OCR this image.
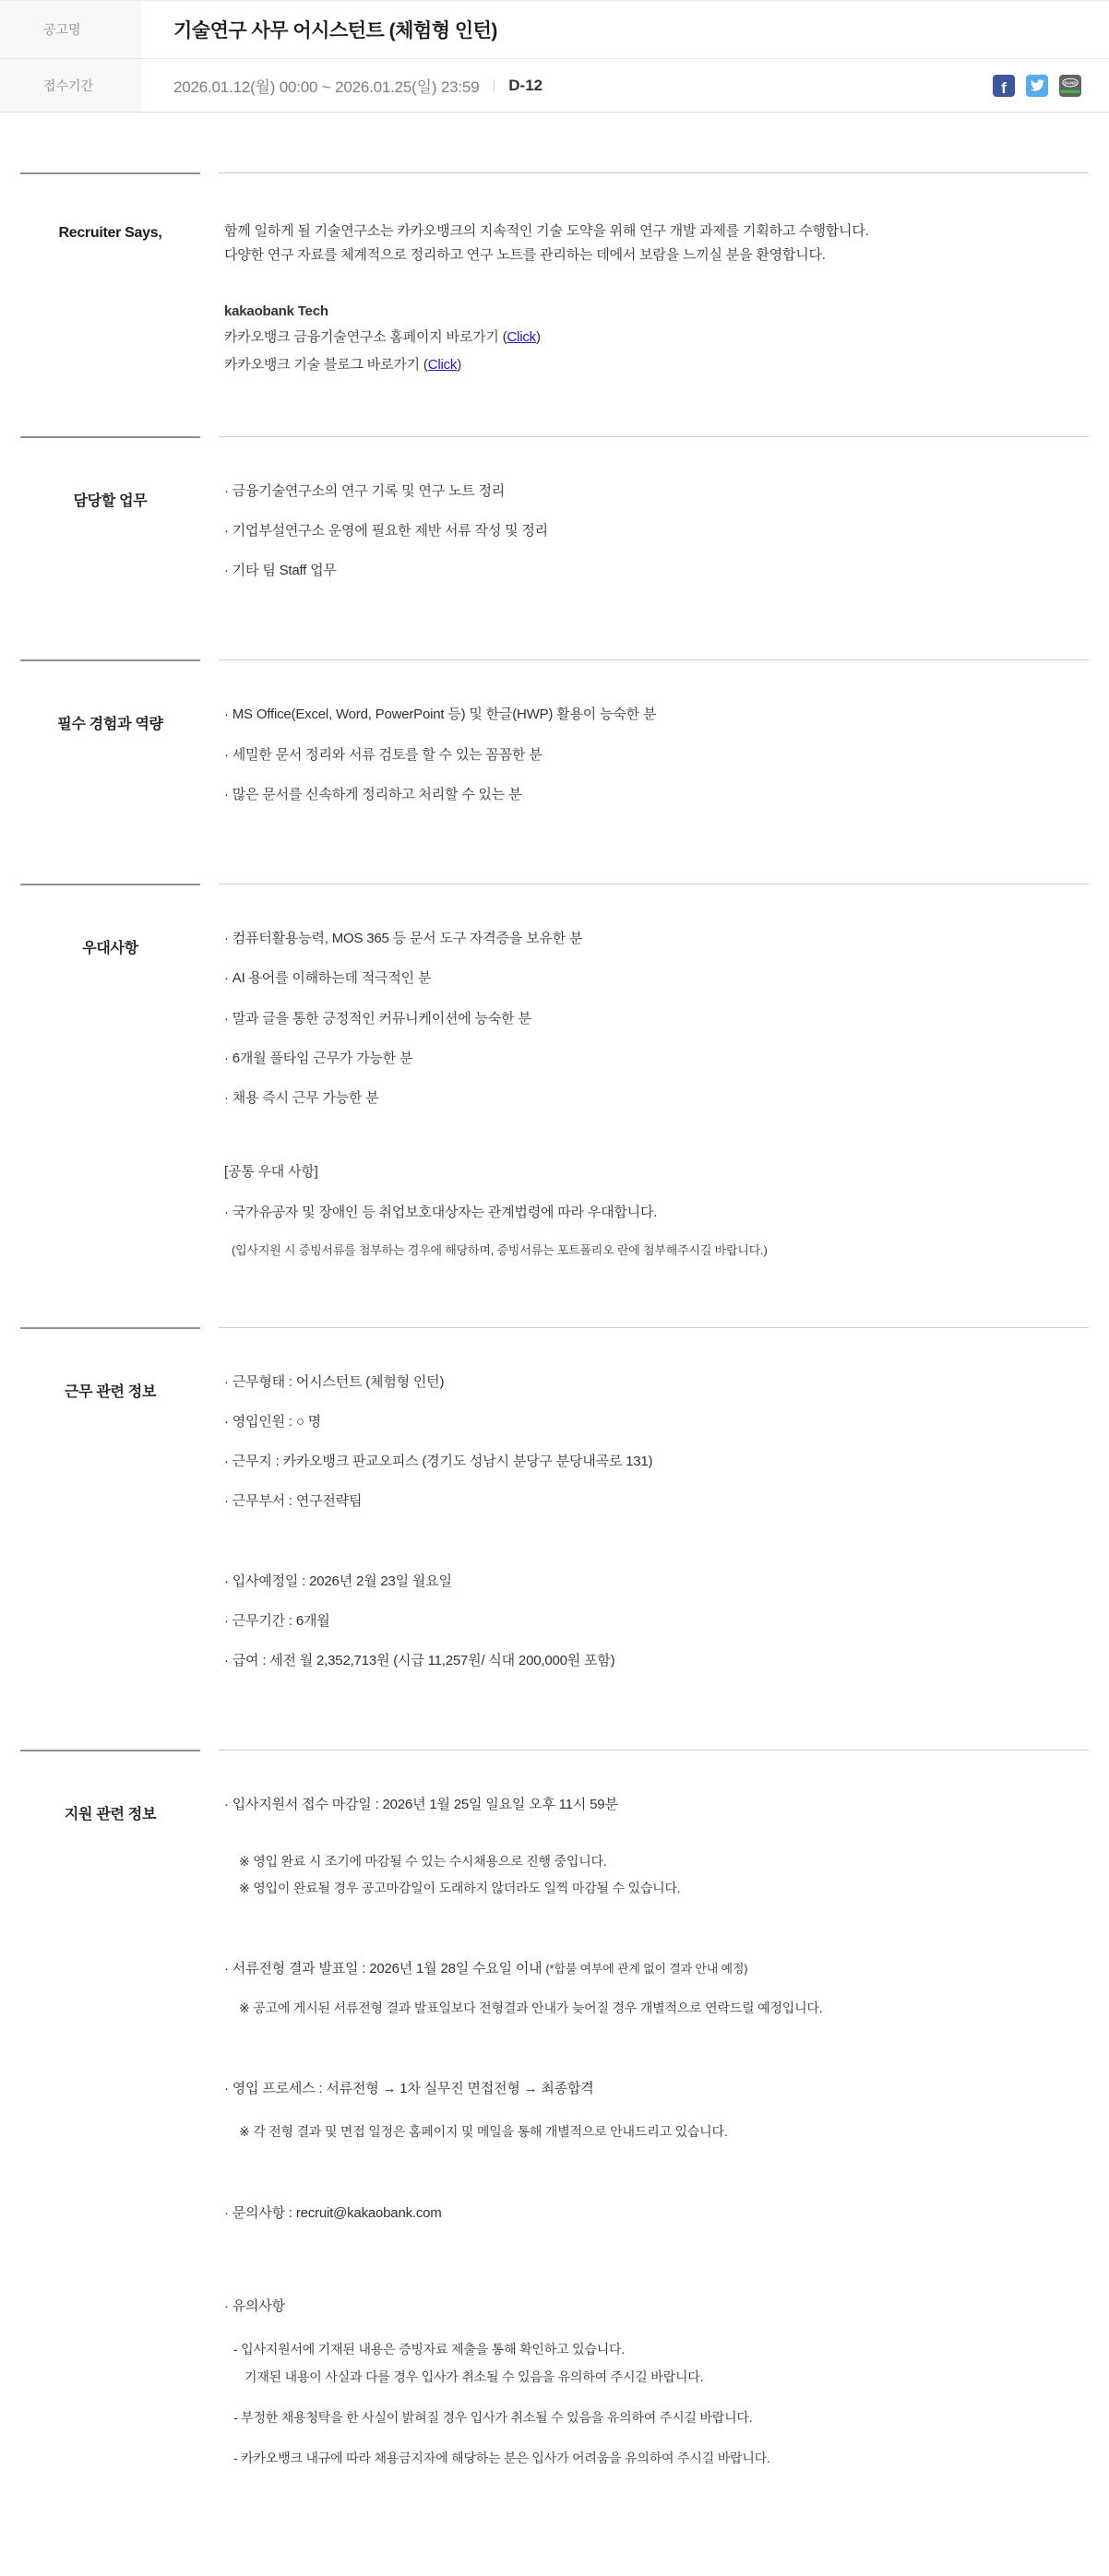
공고명	기술연구 사무 어시스턴트 (체험형 인턴)
접수기간	2026.01.12(월) 00:00 ~ 2026.01.25(일) 23:59 | D-12	f	BAND
Recruiter Says,	함께 일하게 될 기술연구소는 카카오뱅크의 지속적인 기술 도약을 위해 연구 개발 과제를 기획하고 수행합니다.
다양한 연구 자료를 체계적으로 정리하고 연구 노트를 관리하는 데에서 보람을 느끼실 분을 환영합니다.
kakaobank Tech
카카오뱅크 금융기술연구소 홈페이지 바로가기 (Click)
카카오뱅크 기술 블로그 바로가기 (Click)
담당할 업무
· 금융기술연구소의 연구 기록 및 연구 노트 정리
· 기업부설연구소 운영에 필요한 제반 서류 작성 및 정리
· 기타 팀 Staff 업무
필수 경험과 역량
· MS Office(Excel, Word, PowerPoint 등) 및 한글(HWP) 활용이 능숙한 분
· 세밀한 문서 정리와 서류 검토를 할 수 있는 꼼꼼한 분
· 많은 문서를 신속하게 정리하고 처리할 수 있는 분
우대사항
· 컴퓨터활용능력, MOS 365 등 문서 도구 자격증을 보유한 분
· AI 용어를 이해하는데 적극적인 분
· 말과 글을 통한 긍정적인 커뮤니케이션에 능숙한 분
· 6개월 풀타임 근무가 가능한 분
· 채용 즉시 근무 가능한 분
[공통 우대 사항]
· 국가유공자 및 장애인 등 취업보호대상자는 관계법령에 따라 우대합니다.
(입사지원 시 증빙서류를 첨부하는 경우에 해당하며, 증빙서류는 포트폴리오 란에 첨부해주시길 바랍니다.)
근무 관련 정보
· 근무형태 : 어시스턴트 (체험형 인턴)
· 영입인원 : ○ 명
· 근무지 : 카카오뱅크 판교오피스 (경기도 성남시 분당구 분당내곡로 131)
· 근무부서 : 연구전략팀
· 입사예정일 : 2026년 2월 23일 월요일
· 근무기간 : 6개월
· 급여 : 세전 월 2,352,713원 (시급 11,257원/ 식대 200,000원 포함)
지원 관련 정보
· 입사지원서 접수 마감일 : 2026년 1월 25일 일요일 오후 11시 59분
※ 영입 완료 시 조기에 마감될 수 있는 수시채용으로 진행 중입니다.
※ 영입이 완료될 경우 공고마감일이 도래하지 않더라도 일찍 마감될 수 있습니다.
· 서류전형 결과 발표일 : 2026년 1월 28일 수요일 이내 (*합불 여부에 관계 없이 결과 안내 예정)
※ 공고에 게시된 서류전형 결과 발표일보다 전형결과 안내가 늦어질 경우 개별적으로 연락드릴 예정입니다.
· 영입 프로세스 : 서류전형 → 1차 실무진 면접전형 → 최종합격
※ 각 전형 결과 및 면접 일정은 홈페이지 및 메일을 통해 개별적으로 안내드리고 있습니다.
· 문의사항 : recruit@kakaobank.com
· 유의사항
- 입사지원서에 기재된 내용은 증빙자료 제출을 통해 확인하고 있습니다.
기재된 내용이 사실과 다를 경우 입사가 취소될 수 있음을 유의하여 주시길 바랍니다.
- 부정한 채용청탁을 한 사실이 밝혀질 경우 입사가 취소될 수 있음을 유의하여 주시길 바랍니다.
- 카카오뱅크 내규에 따라 채용금지자에 해당하는 분은 입사가 어려움을 유의하여 주시길 바랍니다.
